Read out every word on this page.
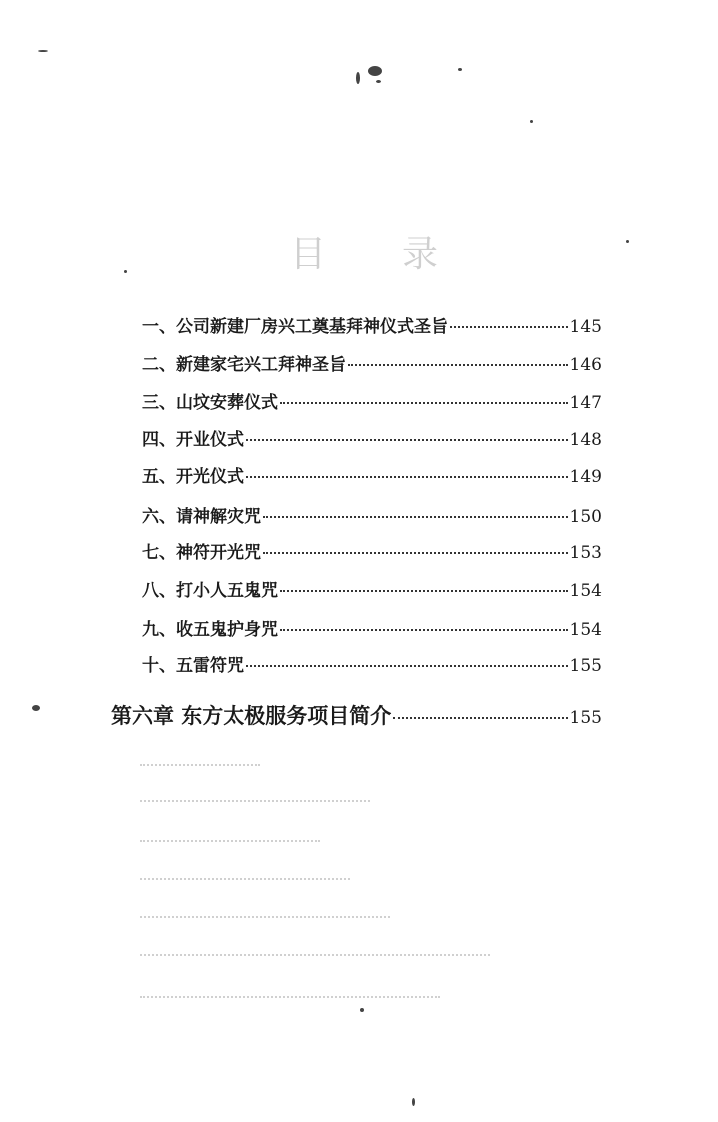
目 录
一、公司新建厂房兴工奠基拜神仪式圣旨	145
二、新建家宅兴工拜神圣旨	146
三、山坟安葬仪式	147
四、开业仪式	148
五、开光仪式	149
六、请神解灾咒	150
七、神符开光咒	153
八、打小人五鬼咒	154
九、收五鬼护身咒	154
十、五雷符咒	155
第六章 东方太极服务项目简介	155
